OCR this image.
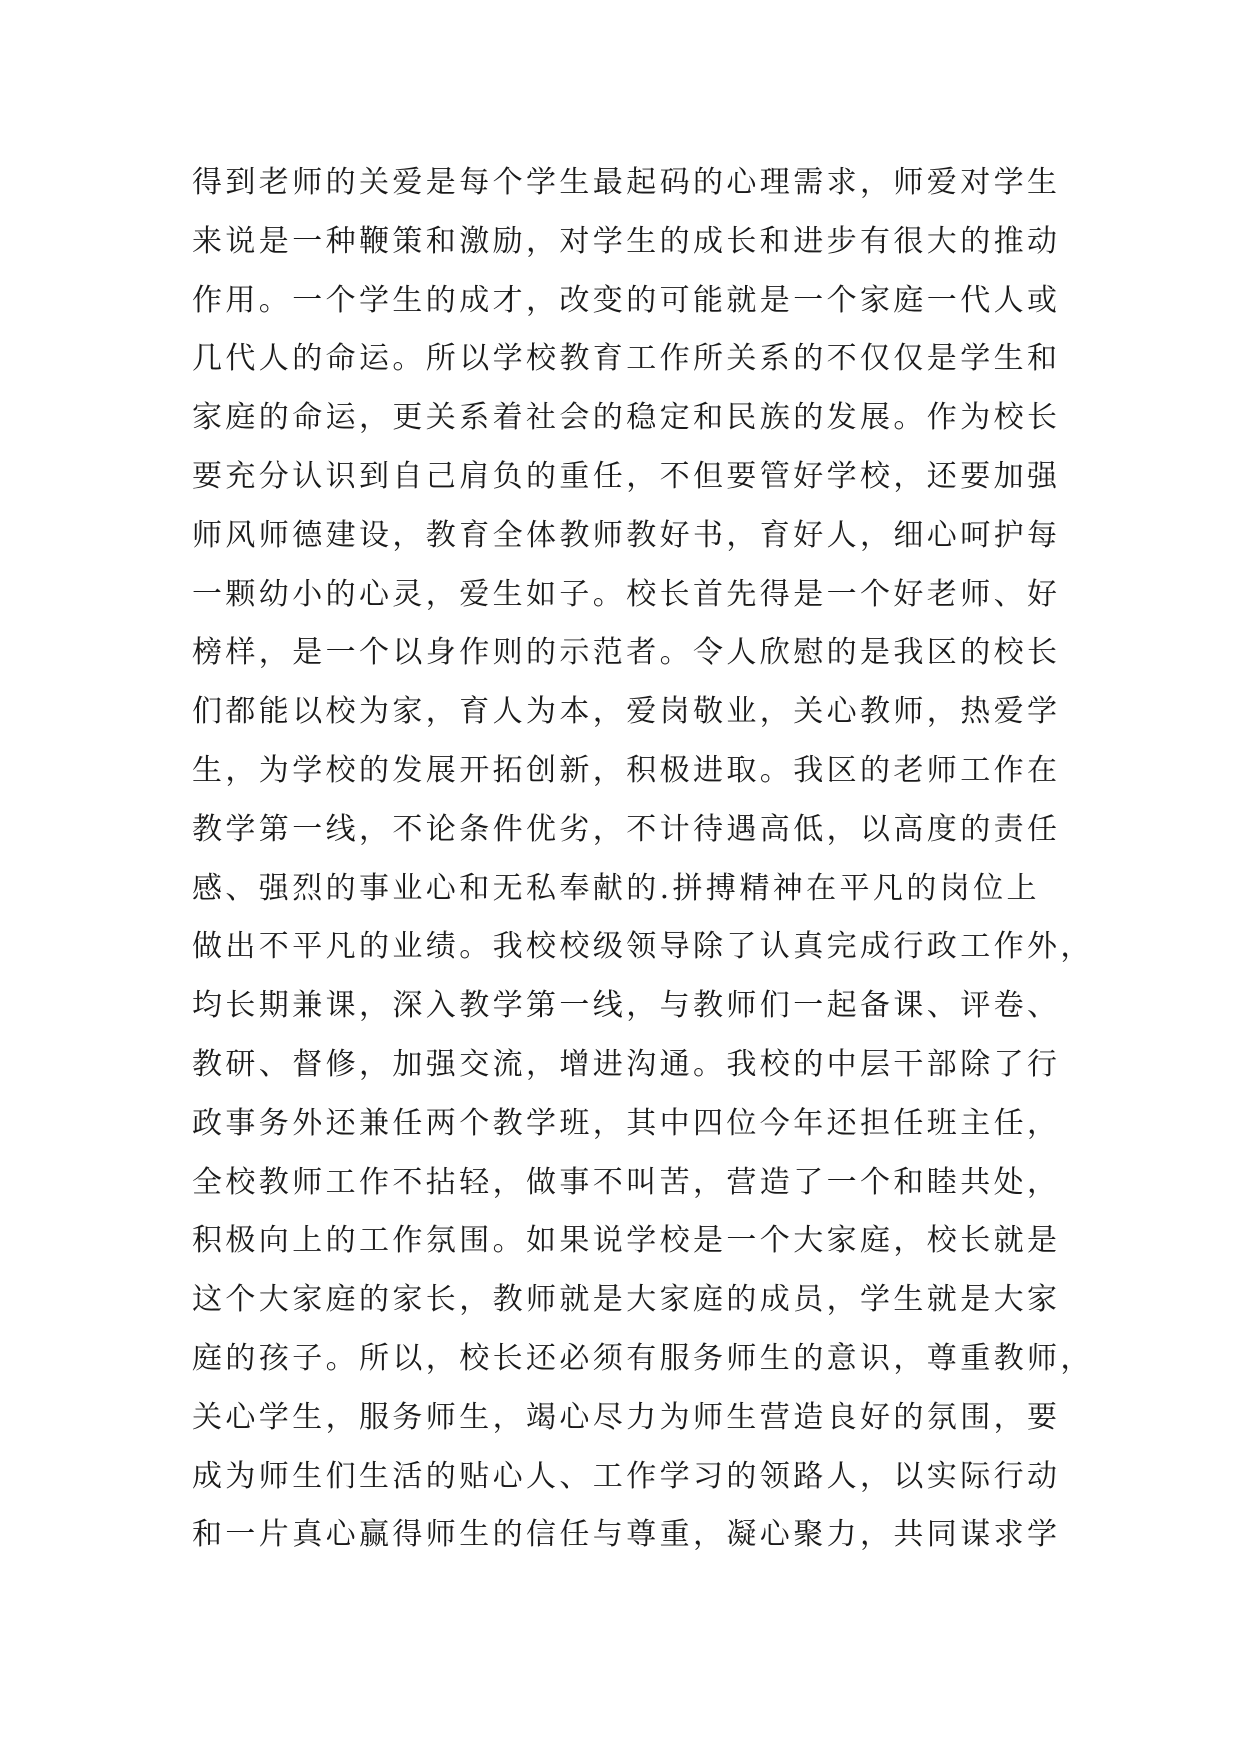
得到老师的关爱是每个学生最起码的心理需求，师爱对学生
来说是一种鞭策和激励，对学生的成长和进步有很大的推动
作用。一个学生的成才，改变的可能就是一个家庭一代人或
几代人的命运。所以学校教育工作所关系的不仅仅是学生和
家庭的命运，更关系着社会的稳定和民族的发展。作为校长
要充分认识到自己肩负的重任，不但要管好学校，还要加强
师风师德建设，教育全体教师教好书，育好人，细心呵护每
一颗幼小的心灵，爱生如子。校长首先得是一个好老师、好
榜样，是一个以身作则的示范者。令人欣慰的是我区的校长
们都能以校为家，育人为本，爱岗敬业，关心教师，热爱学
生，为学校的发展开拓创新，积极进取。我区的老师工作在
教学第一线，不论条件优劣，不计待遇高低，以高度的责任
感、强烈的事业心和无私奉献的.拼搏精神在平凡的岗位上
做出不平凡的业绩。我校校级领导除了认真完成行政工作外，
均长期兼课，深入教学第一线，与教师们一起备课、评卷、
教研、督修，加强交流，增进沟通。我校的中层干部除了行
政事务外还兼任两个教学班，其中四位今年还担任班主任，
全校教师工作不拈轻，做事不叫苦，营造了一个和睦共处，
积极向上的工作氛围。如果说学校是一个大家庭，校长就是
这个大家庭的家长，教师就是大家庭的成员，学生就是大家
庭的孩子。所以，校长还必须有服务师生的意识，尊重教师，
关心学生，服务师生，竭心尽力为师生营造良好的氛围，要
成为师生们生活的贴心人、工作学习的领路人，以实际行动
和一片真心赢得师生的信任与尊重，凝心聚力，共同谋求学
